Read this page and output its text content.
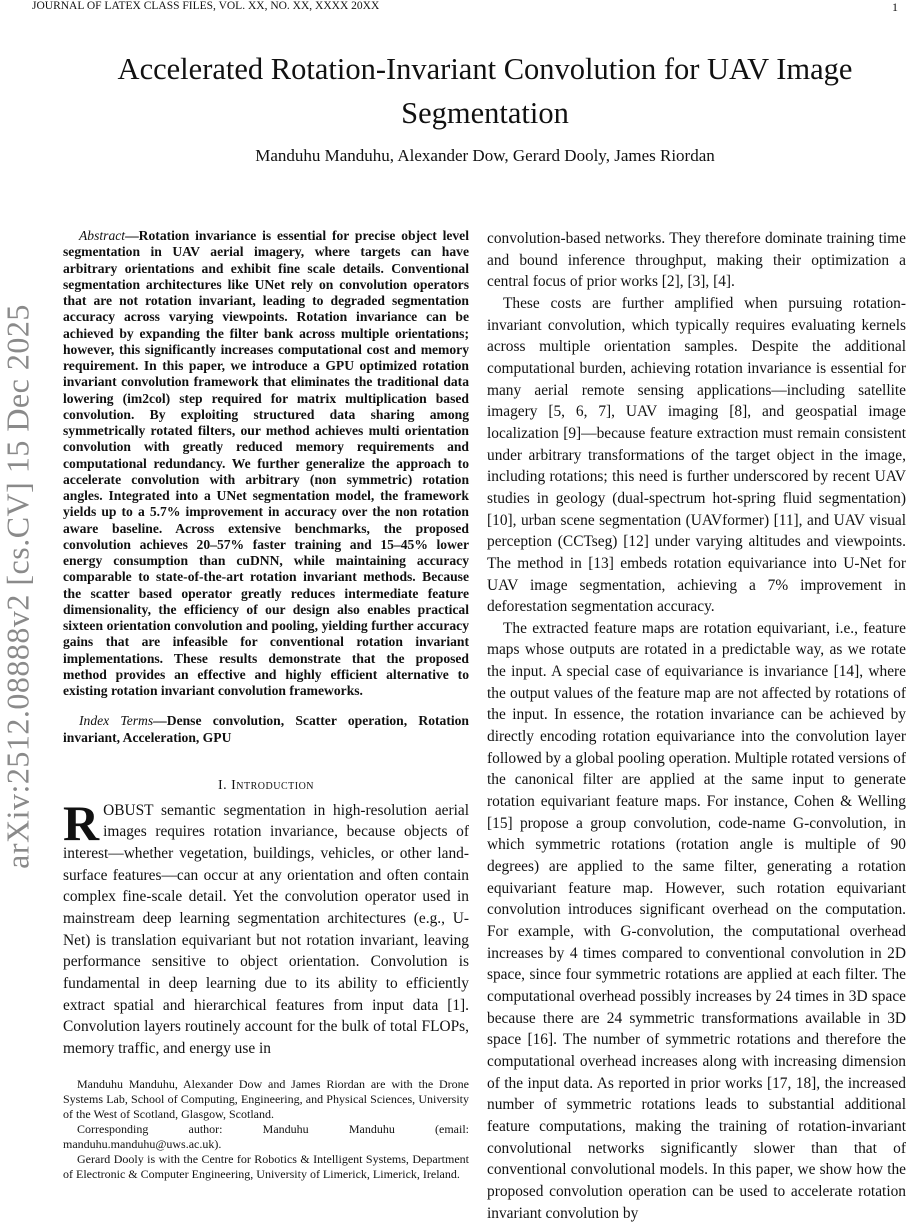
JOURNAL OF LATEX CLASS FILES, VOL. XX, NO. XX, XXXX 20XX	1
arXiv:2512.08888v2 [cs.CV] 15 Dec 2025
Accelerated Rotation-Invariant Convolution for UAV Image Segmentation
Manduhu Manduhu, Alexander Dow, Gerard Dooly, James Riordan

Abstract—Rotation invariance is essential for precise object level segmentation in UAV aerial imagery, where targets can have arbitrary orientations and exhibit fine scale details. Conventional segmentation architectures like UNet rely on convolution operators that are not rotation invariant, leading to degraded segmentation accuracy across varying viewpoints. Rotation invariance can be achieved by expanding the filter bank across multiple orientations; however, this significantly increases computational cost and memory requirement. In this paper, we introduce a GPU optimized rotation invariant convolution framework that eliminates the traditional data lowering (im2col) step required for matrix multiplication based convolution. By exploiting structured data sharing among symmetrically rotated filters, our method achieves multi orientation convolution with greatly reduced memory requirements and computational redundancy. We further generalize the approach to accelerate convolution with arbitrary (non symmetric) rotation angles. Integrated into a UNet segmentation model, the framework yields up to a 5.7% improvement in accuracy over the non rotation aware baseline. Across extensive benchmarks, the proposed convolution achieves 20–57% faster training and 15–45% lower energy consumption than cuDNN, while maintaining accuracy comparable to state-of-the-art rotation invariant methods. Because the scatter based operator greatly reduces intermediate feature dimensionality, the efficiency of our design also enables practical sixteen orientation convolution and pooling, yielding further accuracy gains that are infeasible for conventional rotation invariant implementations. These results demonstrate that the proposed method provides an effective and highly efficient alternative to existing rotation invariant convolution frameworks.

Index Terms—Dense convolution, Scatter operation, Rotation invariant, Acceleration, GPU

I. Introduction

ROBUST semantic segmentation in high-resolution aerial images requires rotation invariance, because objects of interest—whether vegetation, buildings, vehicles, or other land-surface features—can occur at any orientation and often contain complex fine-scale detail. Yet the convolution operator used in mainstream deep learning segmentation architectures (e.g., U-Net) is translation equivariant but not rotation invariant, leaving performance sensitive to object orientation. Convolution is fundamental in deep learning due to its ability to efficiently extract spatial and hierarchical features from input data [1]. Convolution layers routinely account for the bulk of total FLOPs, memory traffic, and energy use in

Manduhu Manduhu, Alexander Dow and James Riordan are with the Drone Systems Lab, School of Computing, Engineering, and Physical Sciences, University of the West of Scotland, Glasgow, Scotland.

Corresponding author: Manduhu Manduhu (email: manduhu.manduhu@uws.ac.uk).

Gerard Dooly is with the Centre for Robotics & Intelligent Systems, Department of Electronic & Computer Engineering, University of Limerick, Limerick, Ireland.

convolution-based networks. They therefore dominate training time and bound inference throughput, making their optimization a central focus of prior works [2], [3], [4].

These costs are further amplified when pursuing rotation-invariant convolution, which typically requires evaluating kernels across multiple orientation samples. Despite the additional computational burden, achieving rotation invariance is essential for many aerial remote sensing applications—including satellite imagery [5, 6, 7], UAV imaging [8], and geospatial image localization [9]—because feature extraction must remain consistent under arbitrary transformations of the target object in the image, including rotations; this need is further underscored by recent UAV studies in geology (dual-spectrum hot-spring fluid segmentation) [10], urban scene segmentation (UAVformer) [11], and UAV visual perception (CCTseg) [12] under varying altitudes and viewpoints. The method in [13] embeds rotation equivariance into U-Net for UAV image segmentation, achieving a 7% improvement in deforestation segmentation accuracy.

The extracted feature maps are rotation equivariant, i.e., feature maps whose outputs are rotated in a predictable way, as we rotate the input. A special case of equivariance is invariance [14], where the output values of the feature map are not affected by rotations of the input. In essence, the rotation invariance can be achieved by directly encoding rotation equivariance into the convolution layer followed by a global pooling operation. Multiple rotated versions of the canonical filter are applied at the same input to generate rotation equivariant feature maps. For instance, Cohen & Welling [15] propose a group convolution, code-name G-convolution, in which symmetric rotations (rotation angle is multiple of 90 degrees) are applied to the same filter, generating a rotation equivariant feature map. However, such rotation equivariant convolution introduces significant overhead on the computation. For example, with G-convolution, the computational overhead increases by 4 times compared to conventional convolution in 2D space, since four symmetric rotations are applied at each filter. The computational overhead possibly increases by 24 times in 3D space because there are 24 symmetric transformations available in 3D space [16]. The number of symmetric rotations and therefore the computational overhead increases along with increasing dimension of the input data. As reported in prior works [17, 18], the increased number of symmetric rotations leads to substantial additional feature computations, making the training of rotation-invariant convolutional networks significantly slower than that of conventional convolutional models. In this paper, we show how the proposed convolution operation can be used to accelerate rotation invariant convolution by
